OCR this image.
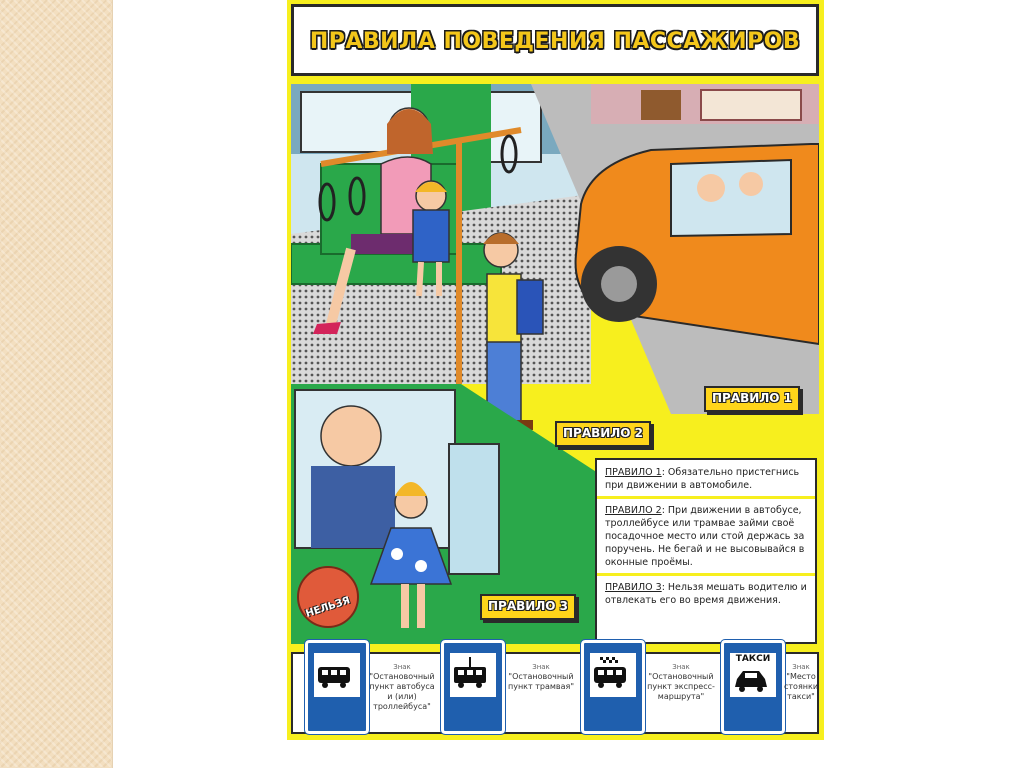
ПРАВИЛА ПОВЕДЕНИЯ ПАССАЖИРОВ
ПРАВИЛО 1
ПРАВИЛО 2
ПРАВИЛО 3
НЕЛЬЗЯ

ПРАВИЛО 1: Обязательно пристегнись при движении в автомобиле.

ПРАВИЛО 2: При движении в автобусе, троллейбусе или трамвае займи своё посадочное место или стой держась за поручень. Не бегай и не высовывайся в оконные проёмы.

ПРАВИЛО 3: Нельзя мешать водителю и отвлекать его во время движения.

Знак
"Остановочный пункт автобуса и (или) троллейбуса"
Знак
"Остановочный пункт трамвая"
Знак
"Остановочный пункт экспресс-маршрута"
ТАКСИ
Знак
"Место стоянки такси"
